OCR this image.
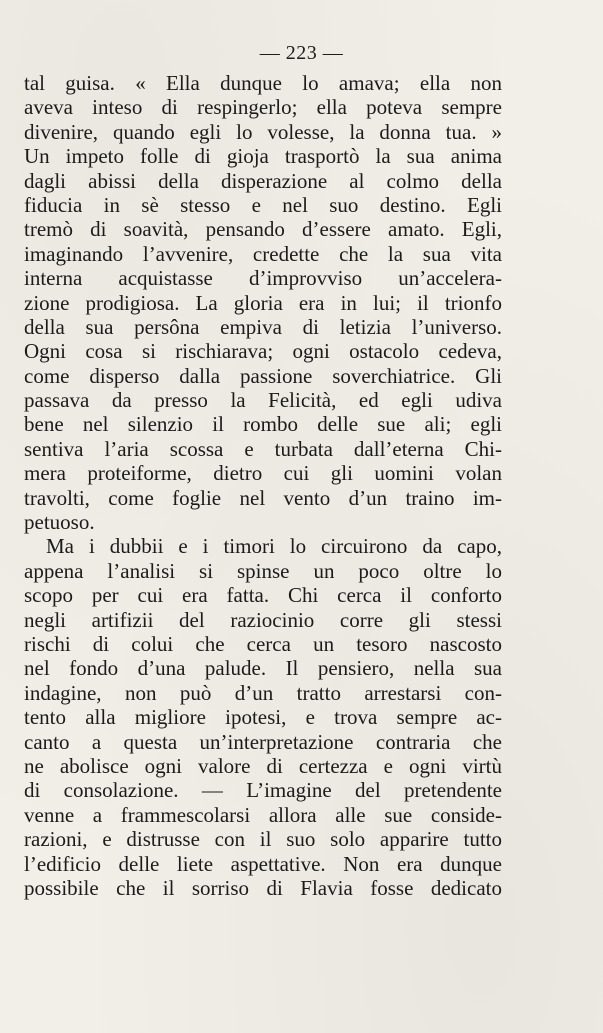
— 223 —
tal guisa. « Ella dunque lo amava; ella non
aveva inteso di respingerlo; ella poteva sempre
divenire, quando egli lo volesse, la donna tua. »
Un impeto folle di gioja trasportò la sua anima
dagli abissi della disperazione al colmo della
fiducia in sè stesso e nel suo destino. Egli
tremò di soavità, pensando d’essere amato. Egli,
imaginando l’avvenire, credette che la sua vita
interna acquistasse d’improvviso un’accelera-
zione prodigiosa. La gloria era in lui; il trionfo
della sua persôna empiva di letizia l’universo.
Ogni cosa si rischiarava; ogni ostacolo cedeva,
come disperso dalla passione soverchiatrice. Gli
passava da presso la Felicità, ed egli udiva
bene nel silenzio il rombo delle sue ali; egli
sentiva l’aria scossa e turbata dall’eterna Chi-
mera proteiforme, dietro cui gli uomini volan
travolti, come foglie nel vento d’un traino im-
petuoso.
Ma i dubbii e i timori lo circuirono da capo,
appena l’analisi si spinse un poco oltre lo
scopo per cui era fatta. Chi cerca il conforto
negli artifizii del raziocinio corre gli stessi
rischi di colui che cerca un tesoro nascosto
nel fondo d’una palude. Il pensiero, nella sua
indagine, non può d’un tratto arrestarsi con-
tento alla migliore ipotesi, e trova sempre ac-
canto a questa un’interpretazione contraria che
ne abolisce ogni valore di certezza e ogni virtù
di consolazione. — L’imagine del pretendente
venne a frammescolarsi allora alle sue conside-
razioni, e distrusse con il suo solo apparire tutto
l’edificio delle liete aspettative. Non era dunque
possibile che il sorriso di Flavia fosse dedicato
